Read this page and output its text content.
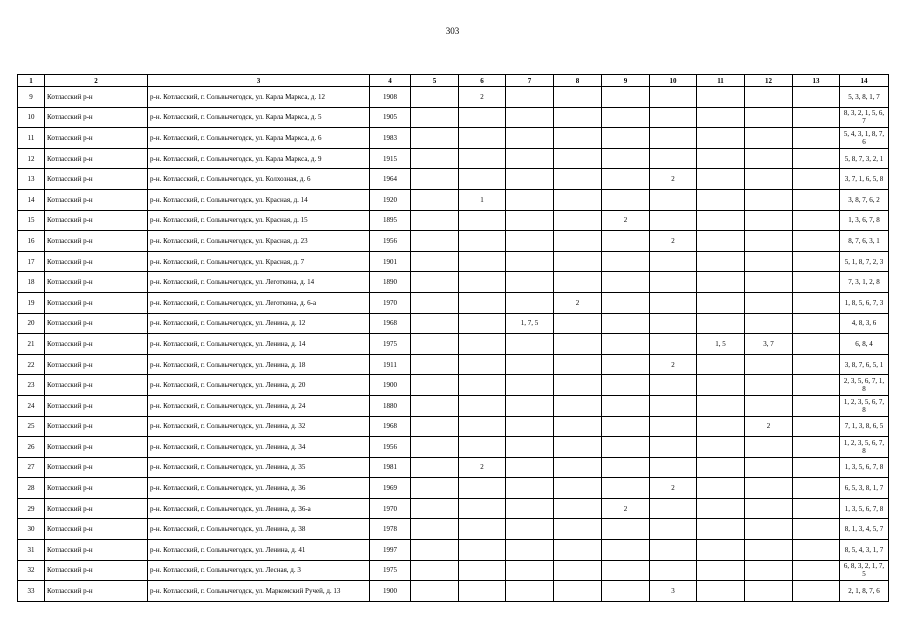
303
1	2	3	4	5	6	7	8	9	10	11	12	13	14
9	Котласский р-н	р-н. Котласский, г. Сольвычегодск, ул. Карла Маркса, д. 12	1908		2								5, 3, 8, 1, 7
10	Котласский р-н	р-н. Котласский, г. Сольвычегодск, ул. Карла Маркса, д. 5	1905										8, 3, 2, 1, 5, 6, 7
11	Котласский р-н	р-н. Котласский, г. Сольвычегодск, ул. Карла Маркса, д. 6	1983										5, 4, 3, 1, 8, 7, 6
12	Котласский р-н	р-н. Котласский, г. Сольвычегодск, ул. Карла Маркса, д. 9	1915										5, 8, 7, 3, 2, 1
13	Котласский р-н	р-н. Котласский, г. Сольвычегодск, ул. Колхозная, д. 6	1964						2				3, 7, 1, 6, 5, 8
14	Котласский р-н	р-н. Котласский, г. Сольвычегодск, ул. Красная, д. 14	1920		1								3, 8, 7, 6, 2
15	Котласский р-н	р-н. Котласский, г. Сольвычегодск, ул. Красная, д. 15	1895					2					1, 3, 6, 7, 8
16	Котласский р-н	р-н. Котласский, г. Сольвычегодск, ул. Красная, д. 23	1956						2				8, 7, 6, 3, 1
17	Котласский р-н	р-н. Котласский, г. Сольвычегодск, ул. Красная, д. 7	1901										5, 1, 8, 7, 2, 3
18	Котласский р-н	р-н. Котласский, г. Сольвычегодск, ул. Леготкина, д. 14	1890										7, 3, 1, 2, 8
19	Котласский р-н	р-н. Котласский, г. Сольвычегодск, ул. Леготкина, д. 6-а	1970				2						1, 8, 5, 6, 7, 3
20	Котласский р-н	р-н. Котласский, г. Сольвычегодск, ул. Ленина, д. 12	1968			1, 7, 5							4, 8, 3, 6
21	Котласский р-н	р-н. Котласский, г. Сольвычегодск, ул. Ленина, д. 14	1975							1, 5	3, 7		6, 8, 4
22	Котласский р-н	р-н. Котласский, г. Сольвычегодск, ул. Ленина, д. 18	1911						2				3, 8, 7, 6, 5, 1
23	Котласский р-н	р-н. Котласский, г. Сольвычегодск, ул. Ленина, д. 20	1900										2, 3, 5, 6, 7, 1, 8
24	Котласский р-н	р-н. Котласский, г. Сольвычегодск, ул. Ленина, д. 24	1880										1, 2, 3, 5, 6, 7, 8
25	Котласский р-н	р-н. Котласский, г. Сольвычегодск, ул. Ленина, д. 32	1968								2		7, 1, 3, 8, 6, 5
26	Котласский р-н	р-н. Котласский, г. Сольвычегодск, ул. Ленина, д. 34	1956										1, 2, 3, 5, 6, 7, 8
27	Котласский р-н	р-н. Котласский, г. Сольвычегодск, ул. Ленина, д. 35	1981		2								1, 3, 5, 6, 7, 8
28	Котласский р-н	р-н. Котласский, г. Сольвычегодск, ул. Ленина, д. 36	1969						2				6, 5, 3, 8, 1, 7
29	Котласский р-н	р-н. Котласский, г. Сольвычегодск, ул. Ленина, д. 36-а	1970					2					1, 3, 5, 6, 7, 8
30	Котласский р-н	р-н. Котласский, г. Сольвычегодск, ул. Ленина, д. 38	1978										8, 1, 3, 4, 5, 7
31	Котласский р-н	р-н. Котласский, г. Сольвычегодск, ул. Ленина, д. 41	1997										8, 5, 4, 3, 1, 7
32	Котласский р-н	р-н. Котласский, г. Сольвычегодск, ул. Лесная, д. 3	1975										6, 8, 3, 2, 1, 7, 5
33	Котласский р-н	р-н. Котласский, г. Сольвычегодск, ул. Маркомский Ручей, д. 13	1900						3				2, 1, 8, 7, 6
